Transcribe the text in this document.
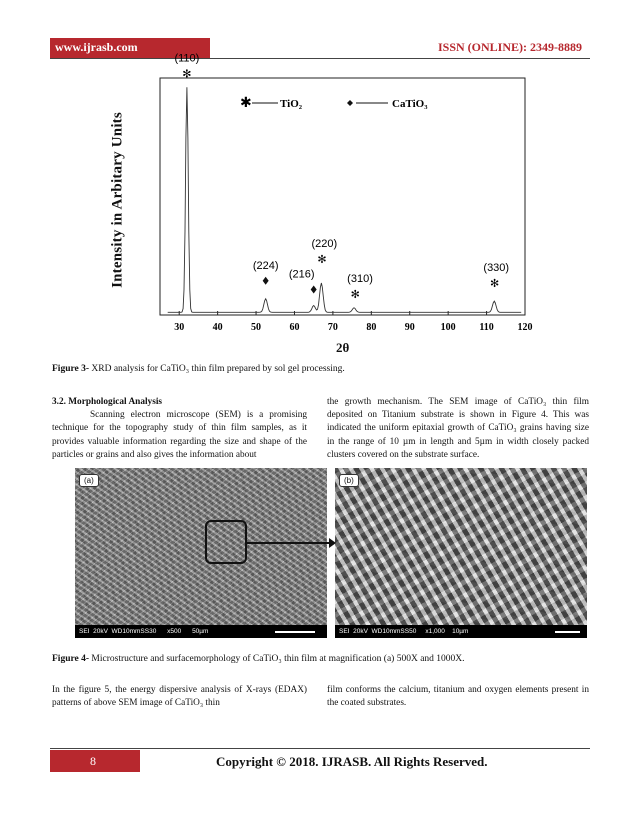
www.ijrasb.com	ISSN (ONLINE): 2349-8889
30	40	50	60	70	80	90	100 110 120
(110)
✻
(224)
(216)
(220)
✻
(310)
✻
(330)
✻
✱	TiO₂	CaTiO₃
Intensity in Arbitary Units
2θ
Figure 3- XRD analysis for CaTiO₃ thin film prepared by sol gel processing.
3.2. Morphological Analysis
Scanning electron microscope (SEM) is a promising technique for the topography study of thin film samples, as it provides valuable information regarding the size and shape of the particles or grains and also gives the information about
the growth mechanism. The SEM image of CaTiO₃ thin film deposited on Titanium substrate is shown in Figure 4. This was indicated the uniform epitaxial growth of CaTiO₃ grains having size in the range of 10 µm in length and 5µm in width closely packed clusters covered on the substrate surface.
(a)
SEI  20kV  WD10mmSS30      x500      50µm
(b)
SEI  20kV  WD10mmSS50     x1,000    10µm
Figure 4- Microstructure and surfacemorphology of CaTiO₃ thin film at magnification (a) 500X and 1000X.
In the figure 5, the energy dispersive analysis of X-rays (EDAX) patterns of above SEM image of CaTiO₃ thin
film conforms the calcium, titanium and oxygen elements present in the coated substrates.
8	Copyright © 2018. IJRASB. All Rights Reserved.
